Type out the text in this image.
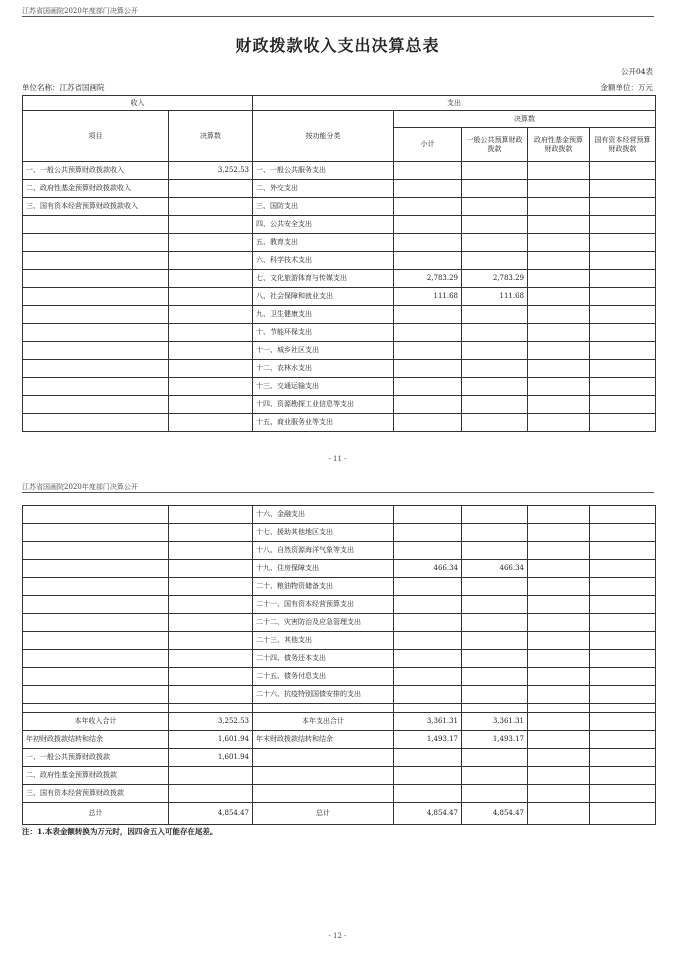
江苏省国画院2020年度部门决算公开
财政拨款收入支出决算总表
公开04表
单位名称：江苏省国画院	金额单位：万元
收入		支出				
项目	决算数	按功能分类	决算数			
			小计	一般公共预算财政拨款	政府性基金预算财政拨款	国有资本经营预算财政拨款
一、一般公共预算财政拨款收入	3,252.53	一、一般公共服务支出				
二、政府性基金预算财政拨款收入		二、外交支出				
三、国有资本经营预算财政拨款收入		三、国防支出				
		四、公共安全支出				
		五、教育支出				
		六、科学技术支出				
		七、文化旅游体育与传媒支出	2,783.29	2,783.29		
		八、社会保障和就业支出	111.68	111.68		
		九、卫生健康支出				
		十、节能环保支出				
		十一、城乡社区支出				
		十二、农林水支出				
		十三、交通运输支出				
		十四、资源勘探工业信息等支出				
		十五、商业服务业等支出				
- 11 -
江苏省国画院2020年度部门决算公开
		十六、金融支出				
		十七、援助其他地区支出				
		十八、自然资源海洋气象等支出				
		十九、住房保障支出	466.34	466.34		
		二十、粮油物资储备支出				
		二十一、国有资本经营预算支出				
		二十二、灾害防治及应急管理支出				
		二十三、其他支出				
		二十四、债务还本支出				
		二十五、债务付息支出				
		二十六、抗疫特别国债安排的支出				

本年收入合计	3,252.53	本年支出合计	3,361.31	3,361.31		
年初财政拨款结转和结余	1,601.94	年末财政拨款结转和结余	1,493.17	1,493.17		
一、一般公共预算财政拨款	1,601.94					
二、政府性基金预算财政拨款						
三、国有资本经营预算财政拨款						
总计	4,854.47	总计	4,854.47	4,854.47		
注：1.本表金额转换为万元时，因四舍五入可能存在尾差。
- 12 -
